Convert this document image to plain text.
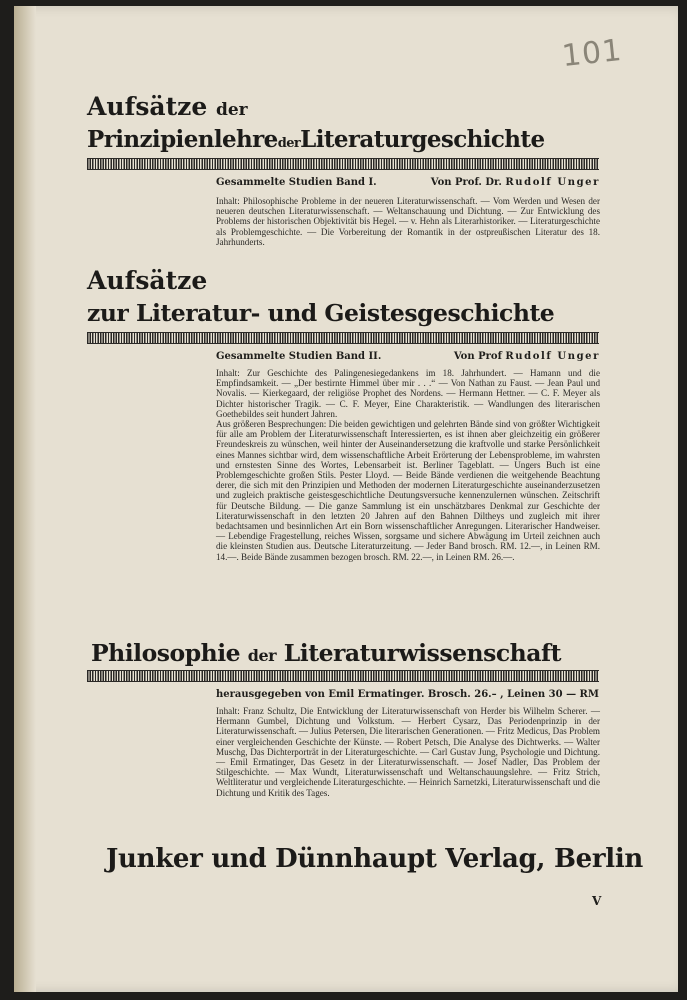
101
Aufsätze der
PrinzipienlehrederLiteraturgeschichte
Gesammelte Studien Band I.	Von Prof. Dr. Rudolf Unger

Inhalt: Philosophische Probleme in der neueren Literaturwissenschaft. — Vom Werden und Wesen der neueren deutschen Literaturwissenschaft. — Weltanschauung und Dichtung. — Zur Entwicklung des Problems der historischen Objektivität bis Hegel. — v. Hehn als Literarhistoriker. — Literaturgeschichte als Problemgeschichte. — Die Vorbereitung der Romantik in der ostpreußischen Literatur des 18. Jahrhunderts.

Aufsätze
zur Literatur- und Geistesgeschichte
Gesammelte Studien Band II.	Von Prof Rudolf Unger

Inhalt: Zur Geschichte des Palingenesiegedankens im 18. Jahrhundert. — Hamann und die Empfindsamkeit. — „Der bestirnte Himmel über mir . . .“ — Von Nathan zu Faust. — Jean Paul und Novalis. — Kierkegaard, der religiöse Prophet des Nordens. — Hermann Hettner. — C. F. Meyer als Dichter historischer Tragik. — C. F. Meyer, Eine Charakteristik. — Wandlungen des literarischen Goethebildes seit hundert Jahren.

Aus größeren Besprechungen: Die beiden gewichtigen und gelehrten Bände sind von größter Wichtigkeit für alle am Problem der Literaturwissenschaft Interessierten, es ist ihnen aber gleichzeitig ein größerer Freundeskreis zu wünschen, weil hinter der Auseinandersetzung die kraftvolle und starke Persönlichkeit eines Mannes sichtbar wird, dem wissenschaftliche Arbeit Erörterung der Lebensprobleme, im wahrsten und ernstesten Sinne des Wortes, Lebensarbeit ist. Berliner Tageblatt. — Ungers Buch ist eine Problemgeschichte großen Stils. Pester Lloyd. — Beide Bände verdienen die weitgehende Beachtung derer, die sich mit den Prinzipien und Methoden der modernen Literaturgeschichte auseinanderzusetzen und zugleich praktische geistesgeschichtliche Deutungsversuche kennenzulernen wünschen. Zeitschrift für Deutsche Bildung. — Die ganze Sammlung ist ein unschätzbares Denkmal zur Geschichte der Literaturwissenschaft in den letzten 20 Jahren auf den Bahnen Diltheys und zugleich mit ihrer bedachtsamen und besinnlichen Art ein Born wissenschaftlicher Anregungen. Literarischer Handweiser. — Lebendige Fragestellung, reiches Wissen, sorgsame und sichere Abwägung im Urteil zeichnen auch die kleinsten Studien aus. Deutsche Literaturzeitung. — Jeder Band brosch. RM. 12.—, in Leinen RM. 14.—. Beide Bände zusammen bezogen brosch. RM. 22.—, in Leinen RM. 26.—.

Philosophie der Literaturwissenschaft
herausgegeben von Emil Ermatinger. Brosch. 26.– , Leinen 30 — RM

Inhalt: Franz Schultz, Die Entwicklung der Literaturwissenschaft von Herder bis Wilhelm Scherer. — Hermann Gumbel, Dichtung und Volkstum. — Herbert Cysarz, Das Periodenprinzip in der Literaturwissenschaft. — Julius Petersen, Die literarischen Generationen. — Fritz Medicus, Das Problem einer vergleichenden Geschichte der Künste. — Robert Petsch, Die Analyse des Dichtwerks. — Walter Muschg, Das Dichterporträt in der Literaturgeschichte. — Carl Gustav Jung, Psychologie und Dichtung. — Emil Ermatinger, Das Gesetz in der Literaturwissenschaft. — Josef Nadler, Das Problem der Stilgeschichte. — Max Wundt, Literaturwissenschaft und Weltanschauungslehre. — Fritz Strich, Weltliteratur und vergleichende Literaturgeschichte. — Heinrich Sarnetzki, Literaturwissenschaft und die Dichtung und Kritik des Tages.

Junker und Dünnhaupt Verlag, Berlin
V
